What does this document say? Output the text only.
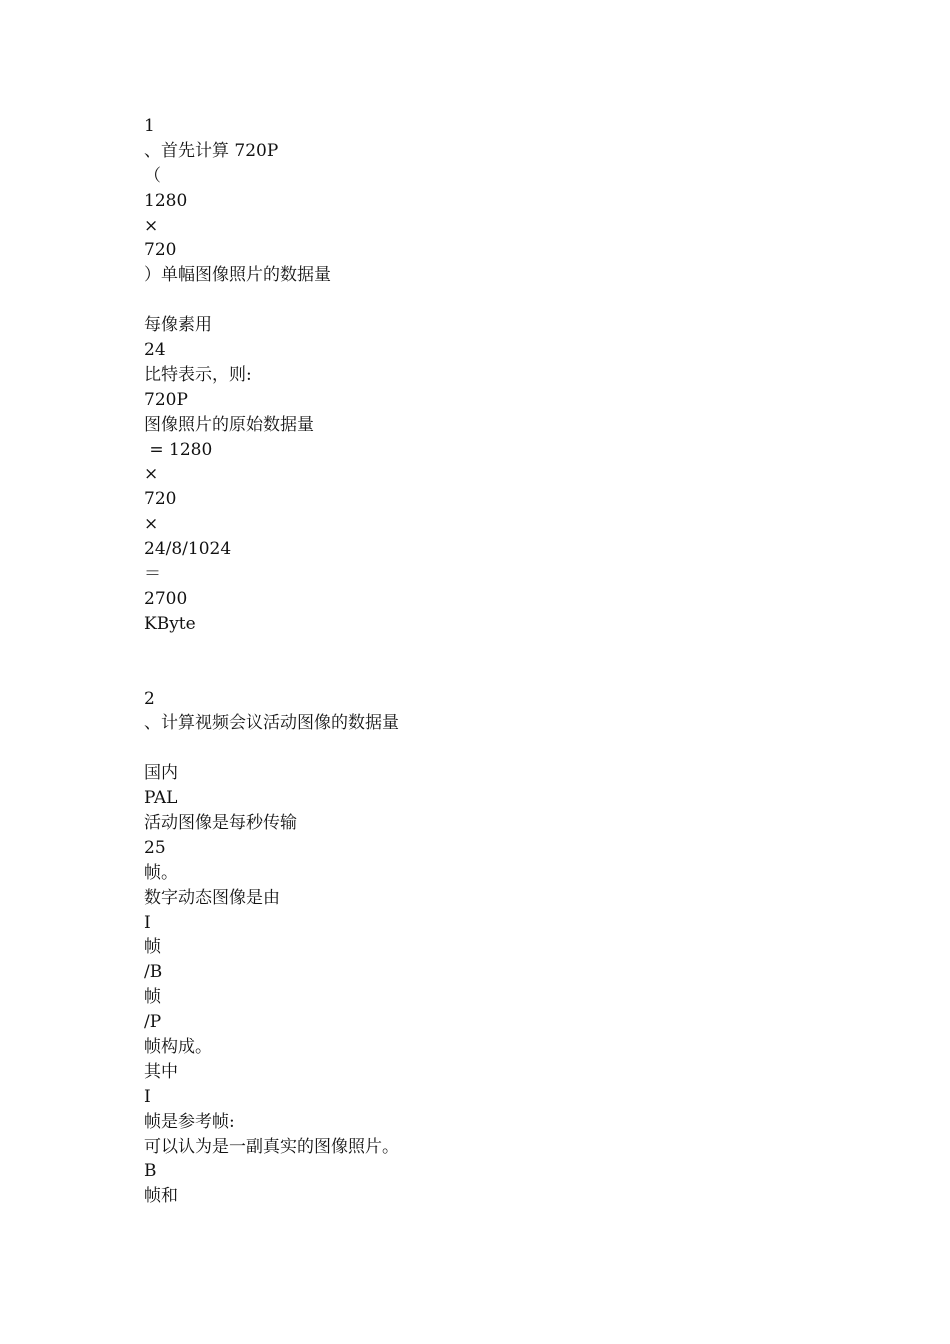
1
、首先计算 720P
（
1280
×
720
）单幅图像照片的数据量
每像素用
24
比特表示，则:
720P
图像照片的原始数据量
= 1280
×
720
×
24/8/1024
＝
2700
KByte
2
、计算视频会议活动图像的数据量
国内
PAL
活动图像是每秒传输
25
帧。
数字动态图像是由
I
帧
/B
帧
/P
帧构成。
其中
I
帧是参考帧:
可以认为是一副真实的图像照片。
B
帧和
